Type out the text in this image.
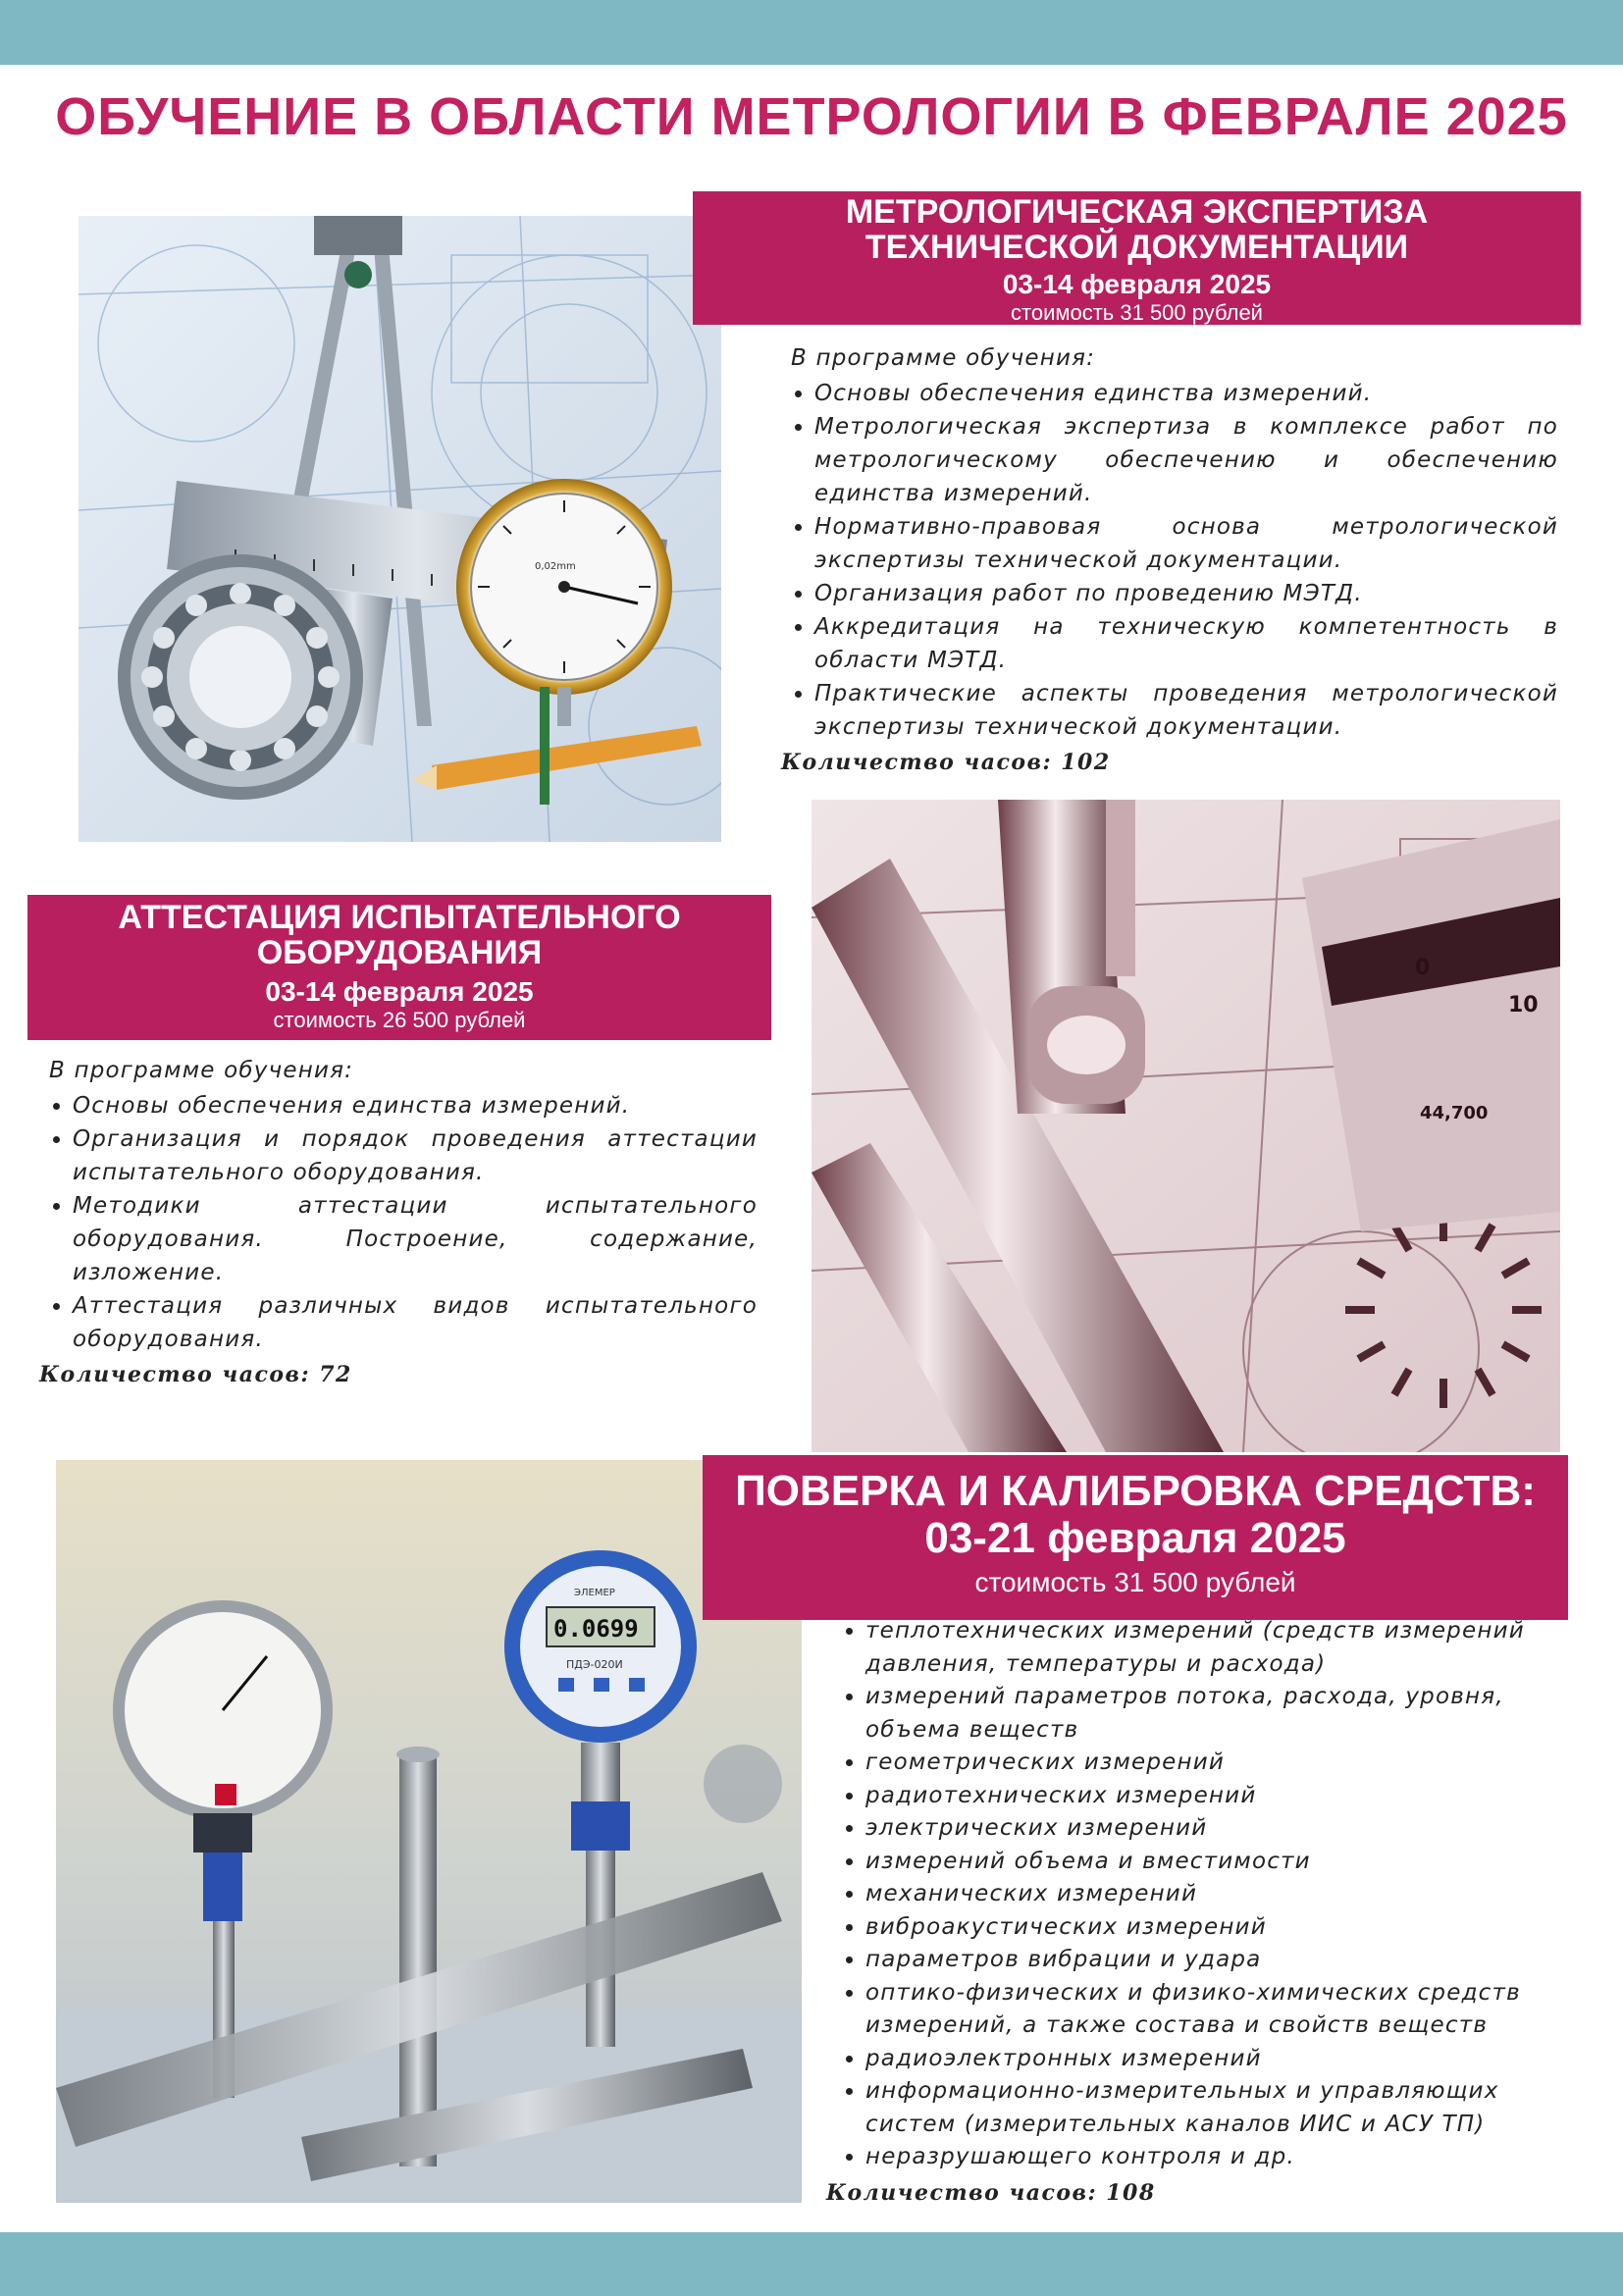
ОБУЧЕНИЕ В ОБЛАСТИ МЕТРОЛОГИИ В ФЕВРАЛЕ 2025
0,02mm
МЕТРОЛОГИЧЕСКАЯ ЭКСПЕРТИЗА
ТЕХНИЧЕСКОЙ ДОКУМЕНТАЦИИ
03-14 февраля 2025
стоимость 31 500 рублей
В программе обучения:
• Основы обеспечения единства измерений.
• Метрологическая экспертиза в комплексе работ по метрологическому обеспечению и обеспечению единства измерений.
• Нормативно-правовая основа метрологической экспертизы технической документации.
• Организация работ по проведению МЭТД.
• Аккредитация на техническую компетентность в области МЭТД.
• Практические аспекты проведения метрологической экспертизы технической документации.
Количество часов: 102
0
10
44,700
АТТЕСТАЦИЯ ИСПЫТАТЕЛЬНОГО
ОБОРУДОВАНИЯ
03-14 февраля 2025
стоимость 26 500 рублей
В программе обучения:
• Основы обеспечения единства измерений.
• Организация и порядок проведения аттестации испытательного оборудования.
• Методики аттестации испытательного оборудования. Построение, содержание, изложение.
• Аттестация различных видов испытательного оборудования.
Количество часов: 72
0.0699
ЭЛЕМЕР
ПДЭ-020И
ПОВЕРКА И КАЛИБРОВКА СРЕДСТВ:
03-21 февраля 2025
стоимость 31 500 рублей
• теплотехнических измерений (средств измерений давления, температуры и расхода)
• измерений параметров потока, расхода, уровня, объема веществ
• геометрических измерений
• радиотехнических измерений
• электрических измерений
• измерений объема и вместимости
• механических измерений
• виброакустических измерений
• параметров вибрации и удара
• оптико-физических и физико-химических средств измерений, а также состава и свойств веществ
• радиоэлектронных измерений
• информационно-измерительных и управляющих систем (измерительных каналов ИИС и АСУ ТП)
• неразрушающего контроля и др.
Количество часов: 108
